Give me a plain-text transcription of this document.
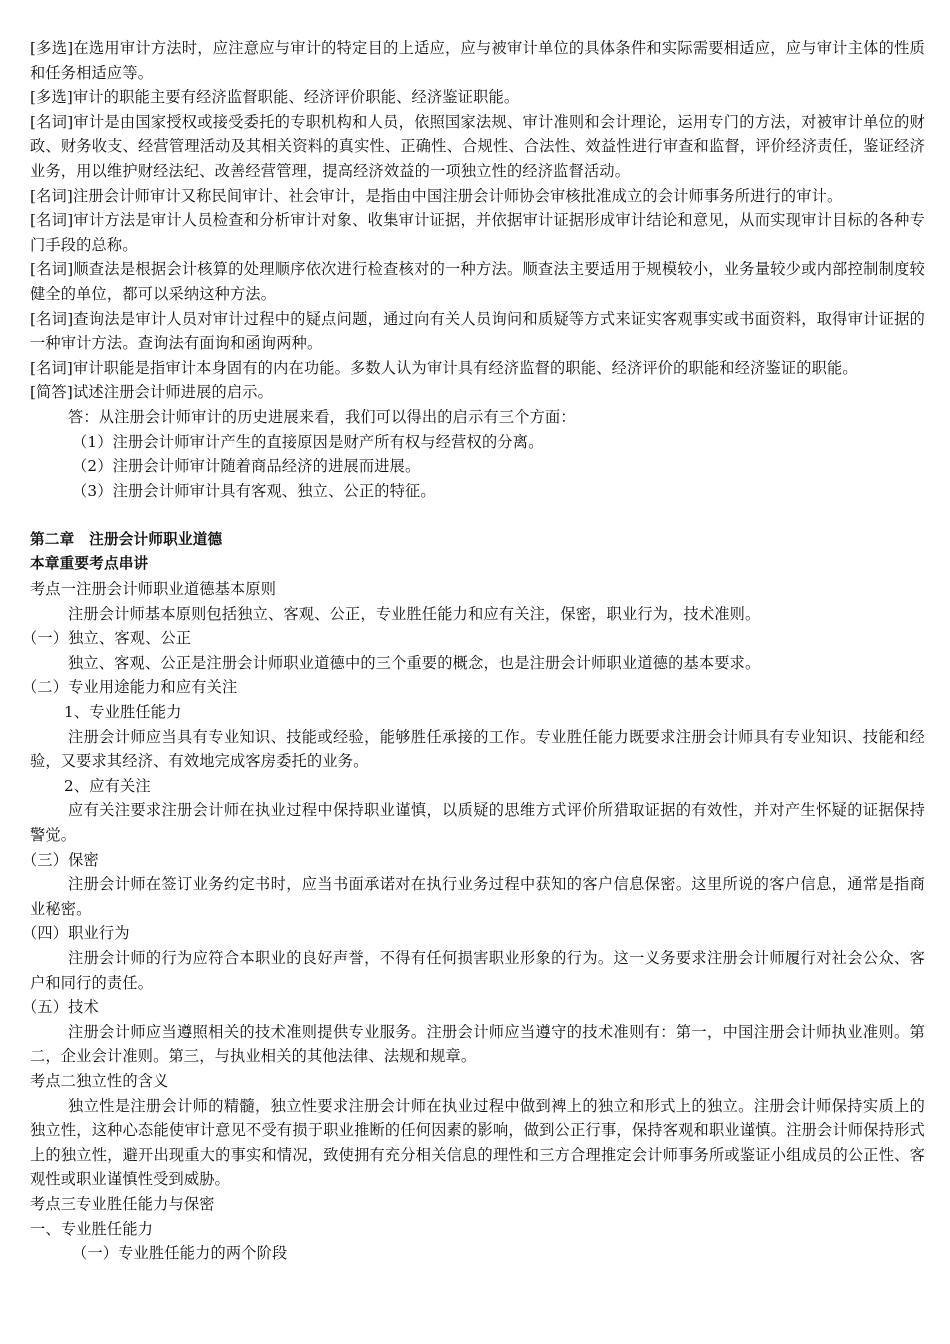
[多选]在选用审计方法时，应注意应与审计的特定目的上适应，应与被审计单位的具体条件和实际需要相适应，应与审计主体的性质和任务相适应等。

[多选]审计的职能主要有经济监督职能、经济评价职能、经济鉴证职能。

[名词]审计是由国家授权或接受委托的专职机构和人员，依照国家法规、审计准则和会计理论，运用专门的方法，对被审计单位的财政、财务收支、经营管理活动及其相关资料的真实性、正确性、合规性、合法性、效益性进行审查和监督，评价经济责任，鉴证经济业务，用以维护财经法纪、改善经营管理，提高经济效益的一项独立性的经济监督活动。

[名词]注册会计师审计又称民间审计、社会审计，是指由中国注册会计师协会审核批准成立的会计师事务所进行的审计。

[名词]审计方法是审计人员检查和分析审计对象、收集审计证据，并依据审计证据形成审计结论和意见，从而实现审计目标的各种专门手段的总称。

[名词]顺查法是根据会计核算的处理顺序依次进行检查核对的一种方法。顺查法主要适用于规模较小，业务量较少或内部控制制度较健全的单位，都可以采纳这种方法。

[名词]查询法是审计人员对审计过程中的疑点问题，通过向有关人员询问和质疑等方式来证实客观事实或书面资料，取得审计证据的一种审计方法。查询法有面询和函询两种。

[名词]审计职能是指审计本身固有的内在功能。多数人认为审计具有经济监督的职能、经济评价的职能和经济鉴证的职能。

[简答]试述注册会计师进展的启示。

答：从注册会计师审计的历史进展来看，我们可以得出的启示有三个方面：

（1）注册会计师审计产生的直接原因是财产所有权与经营权的分离。

（2）注册会计师审计随着商品经济的进展而进展。

（3）注册会计师审计具有客观、独立、公正的特征。

第二章　注册会计师职业道德

本章重要考点串讲

考点一注册会计师职业道德基本原则

注册会计师基本原则包括独立、客观、公正，专业胜任能力和应有关注，保密，职业行为，技术准则。

（一）独立、客观、公正

独立、客观、公正是注册会计师职业道德中的三个重要的概念，也是注册会计师职业道德的基本要求。

（二）专业用途能力和应有关注

1、专业胜任能力

注册会计师应当具有专业知识、技能或经验，能够胜任承接的工作。专业胜任能力既要求注册会计师具有专业知识、技能和经验，又要求其经济、有效地完成客房委托的业务。

2、应有关注

应有关注要求注册会计师在执业过程中保持职业谨慎，以质疑的思维方式评价所猎取证据的有效性，并对产生怀疑的证据保持警觉。

（三）保密

注册会计师在签订业务约定书时，应当书面承诺对在执行业务过程中获知的客户信息保密。这里所说的客户信息，通常是指商业秘密。

（四）职业行为

注册会计师的行为应符合本职业的良好声誉，不得有任何损害职业形象的行为。这一义务要求注册会计师履行对社会公众、客户和同行的责任。

（五）技术

注册会计师应当遵照相关的技术准则提供专业服务。注册会计师应当遵守的技术准则有：第一，中国注册会计师执业准则。第二，企业会计准则。第三，与执业相关的其他法律、法规和规章。

考点二独立性的含义

独立性是注册会计师的精髓，独立性要求注册会计师在执业过程中做到裨上的独立和形式上的独立。注册会计师保持实质上的独立性，这种心态能使审计意见不受有损于职业推断的任何因素的影响，做到公正行事，保持客观和职业谨慎。注册会计师保持形式上的独立性，避开出现重大的事实和情况，致使拥有充分相关信息的理性和三方合理推定会计师事务所或鉴证小组成员的公正性、客观性或职业谨慎性受到威胁。

考点三专业胜任能力与保密

一、专业胜任能力

（一）专业胜任能力的两个阶段
